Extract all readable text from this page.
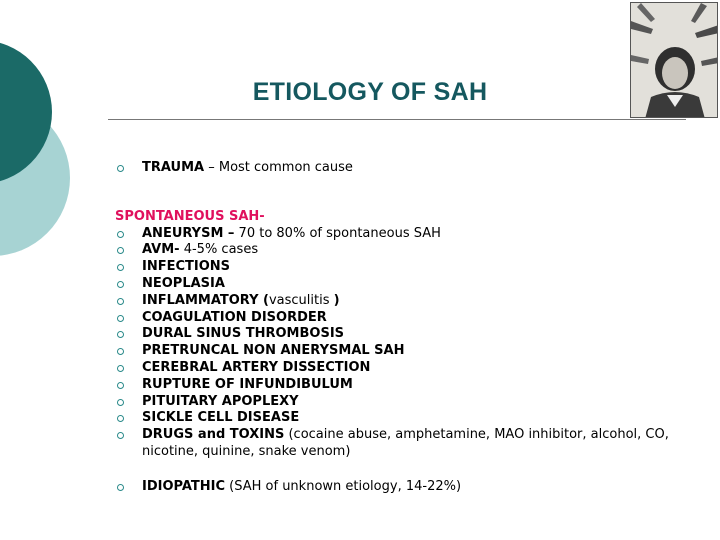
ETIOLOGY OF SAH
TRAUMA – Most common cause
SPONTANEOUS SAH-
ANEURYSM – 70 to 80% of spontaneous SAH
AVM- 4-5% cases
INFECTIONS
NEOPLASIA
INFLAMMATORY (vasculitis )
COAGULATION DISORDER
DURAL SINUS THROMBOSIS
PRETRUNCAL NON ANERYSMAL SAH
CEREBRAL ARTERY DISSECTION
RUPTURE OF INFUNDIBULUM
PITUITARY APOPLEXY
SICKLE CELL DISEASE
DRUGS and TOXINS (cocaine abuse, amphetamine, MAO inhibitor, alcohol, CO, nicotine, quinine, snake venom)
IDIOPATHIC (SAH of unknown etiology, 14-22%)
